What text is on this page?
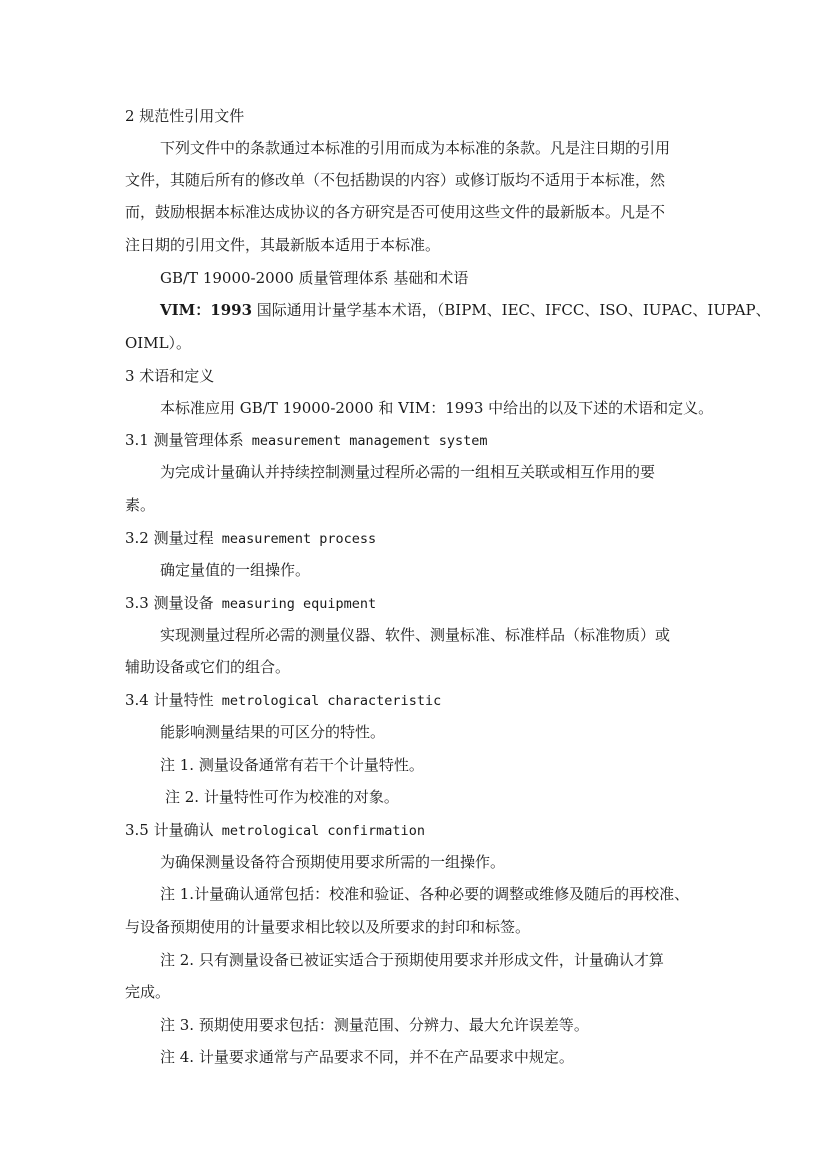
2 规范性引用文件
下列文件中的条款通过本标准的引用而成为本标准的条款。凡是注日期的引用
文件，其随后所有的修改单（不包括勘误的内容）或修订版均不适用于本标准，然
而，鼓励根据本标准达成协议的各方研究是否可使用这些文件的最新版本。凡是不
注日期的引用文件，其最新版本适用于本标准。
GB/T 19000-2000 质量管理体系 基础和术语
VIM：1993 国际通用计量学基本术语，（BIPM、IEC、IFCC、ISO、IUPAC、IUPAP、
OIML）。
3 术语和定义
本标准应用 GB/T 19000-2000 和 VIM：1993 中给出的以及下述的术语和定义。
3.1 测量管理体系 measurement management system
为完成计量确认并持续控制测量过程所必需的一组相互关联或相互作用的要
素。
3.2 测量过程 measurement process
确定量值的一组操作。
3.3 测量设备 measuring equipment
实现测量过程所必需的测量仪器、软件、测量标准、标准样品（标准物质）或
辅助设备或它们的组合。
3.4 计量特性 metrological characteristic
能影响测量结果的可区分的特性。
注 1. 测量设备通常有若干个计量特性。
注 2. 计量特性可作为校准的对象。
3.5 计量确认 metrological confirmation
为确保测量设备符合预期使用要求所需的一组操作。
注 1.计量确认通常包括：校准和验证、各种必要的调整或维修及随后的再校准、
与设备预期使用的计量要求相比较以及所要求的封印和标签。
注 2. 只有测量设备已被证实适合于预期使用要求并形成文件，计量确认才算
完成。
注 3. 预期使用要求包括：测量范围、分辨力、最大允许误差等。
注 4. 计量要求通常与产品要求不同，并不在产品要求中规定。
